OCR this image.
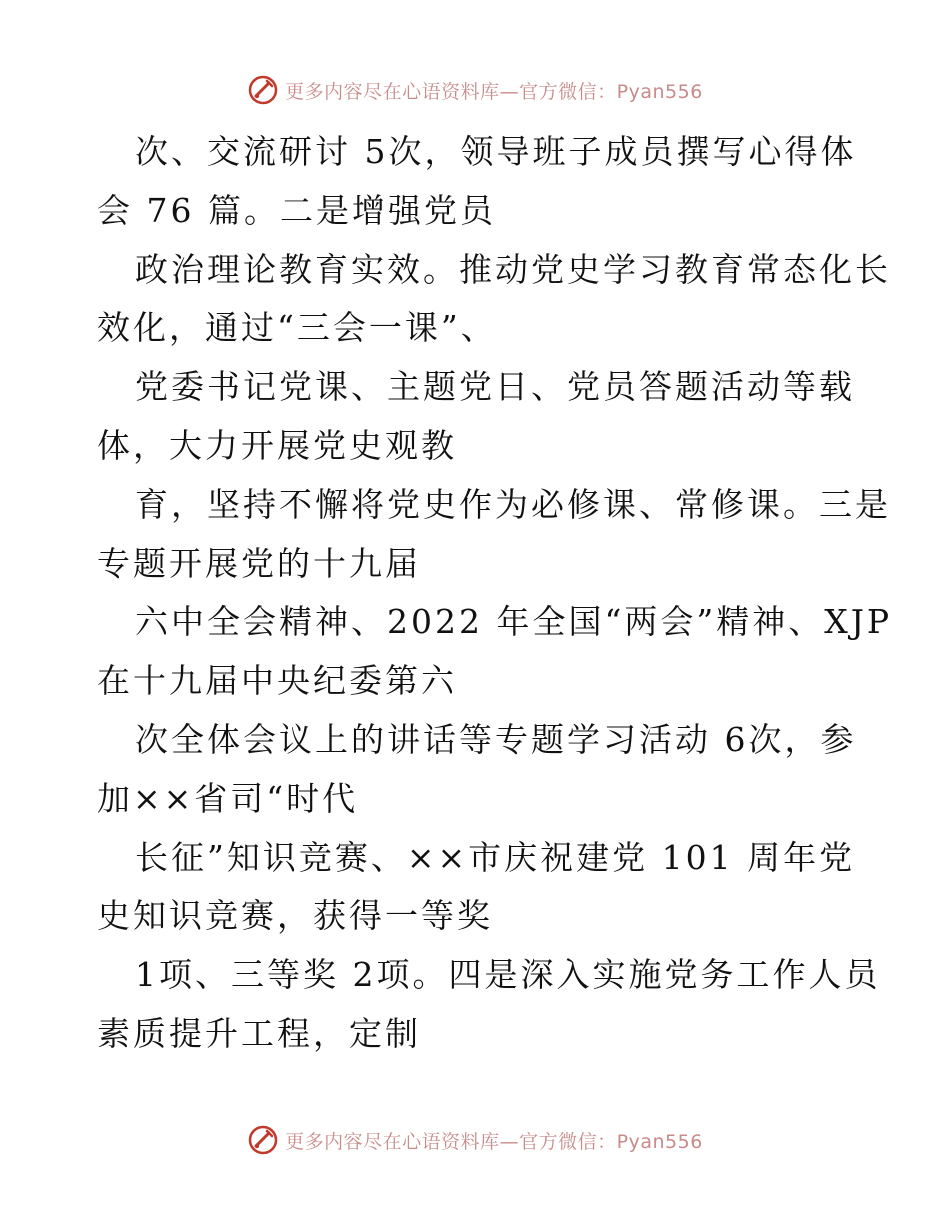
更多内容尽在心语资料库—官方微信：Pyan556
次、交流研讨 5次，领导班子成员撰写心得体
会 76 篇。二是增强党员
政治理论教育实效。推动党史学习教育常态化长
效化，通过“三会一课”、
党委书记党课、主题党日、党员答题活动等载
体，大力开展党史观教
育，坚持不懈将党史作为必修课、常修课。三是
专题开展党的十九届
六中全会精神、2022 年全国“两会”精神、XJP
在十九届中央纪委第六
次全体会议上的讲话等专题学习活动 6次，参
加××省司“时代
长征”知识竞赛、××市庆祝建党 101 周年党
史知识竞赛，获得一等奖
1项、三等奖 2项。四是深入实施党务工作人员
素质提升工程，定制
更多内容尽在心语资料库—官方微信：Pyan556
